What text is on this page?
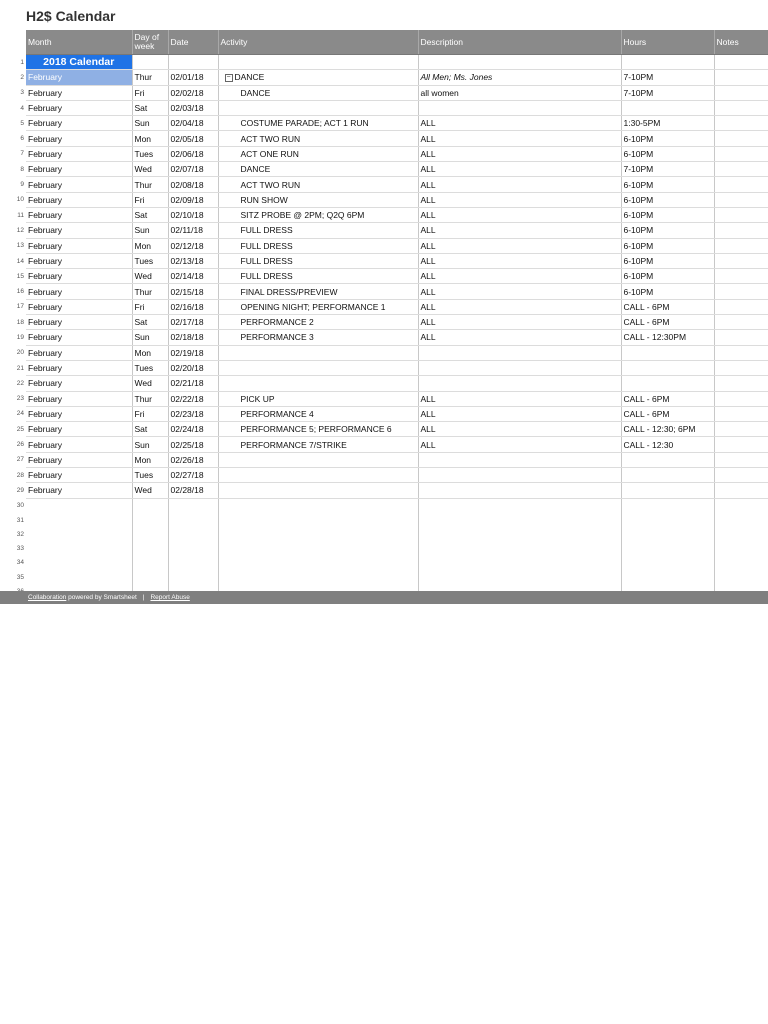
H2$ Calendar
	Month	Day of week	Date	Activity	Description	Hours	Notes
1	2018 Calendar						
2	February	Thur	02/01/18	− DANCE	All Men; Ms. Jones	7-10PM	
3	February	Fri	02/02/18	DANCE	all women	7-10PM	
4	February	Sat	02/03/18				
5	February	Sun	02/04/18	COSTUME PARADE; ACT 1 RUN	ALL	1:30-5PM	
6	February	Mon	02/05/18	ACT TWO RUN	ALL	6-10PM	
7	February	Tues	02/06/18	ACT ONE RUN	ALL	6-10PM	
8	February	Wed	02/07/18	DANCE	ALL	7-10PM	
9	February	Thur	02/08/18	ACT TWO RUN	ALL	6-10PM	
10	February	Fri	02/09/18	RUN SHOW	ALL	6-10PM	
11	February	Sat	02/10/18	SITZ PROBE @ 2PM; Q2Q 6PM	ALL	6-10PM	
12	February	Sun	02/11/18	FULL DRESS	ALL	6-10PM	
13	February	Mon	02/12/18	FULL DRESS	ALL	6-10PM	
14	February	Tues	02/13/18	FULL DRESS	ALL	6-10PM	
15	February	Wed	02/14/18	FULL DRESS	ALL	6-10PM	
16	February	Thur	02/15/18	FINAL DRESS/PREVIEW	ALL	6-10PM	
17	February	Fri	02/16/18	OPENING NIGHT; PERFORMANCE 1	ALL	CALL - 6PM	
18	February	Sat	02/17/18	PERFORMANCE 2	ALL	CALL - 6PM	
19	February	Sun	02/18/18	PERFORMANCE 3	ALL	CALL - 12:30PM	
20	February	Mon	02/19/18				
21	February	Tues	02/20/18				
22	February	Wed	02/21/18				
23	February	Thur	02/22/18	PICK UP	ALL	CALL - 6PM	
24	February	Fri	02/23/18	PERFORMANCE 4	ALL	CALL - 6PM	
25	February	Sat	02/24/18	PERFORMANCE 5; PERFORMANCE 6	ALL	CALL - 12:30; 6PM	
26	February	Sun	02/25/18	PERFORMANCE 7/STRIKE	ALL	CALL - 12:30	
27	February	Mon	02/26/18				
28	February	Tues	02/27/18				
29	February	Wed	02/28/18				
30							
31							
32							
33							
34							
35							

Collaboration powered by Smartsheet | Report Abuse
